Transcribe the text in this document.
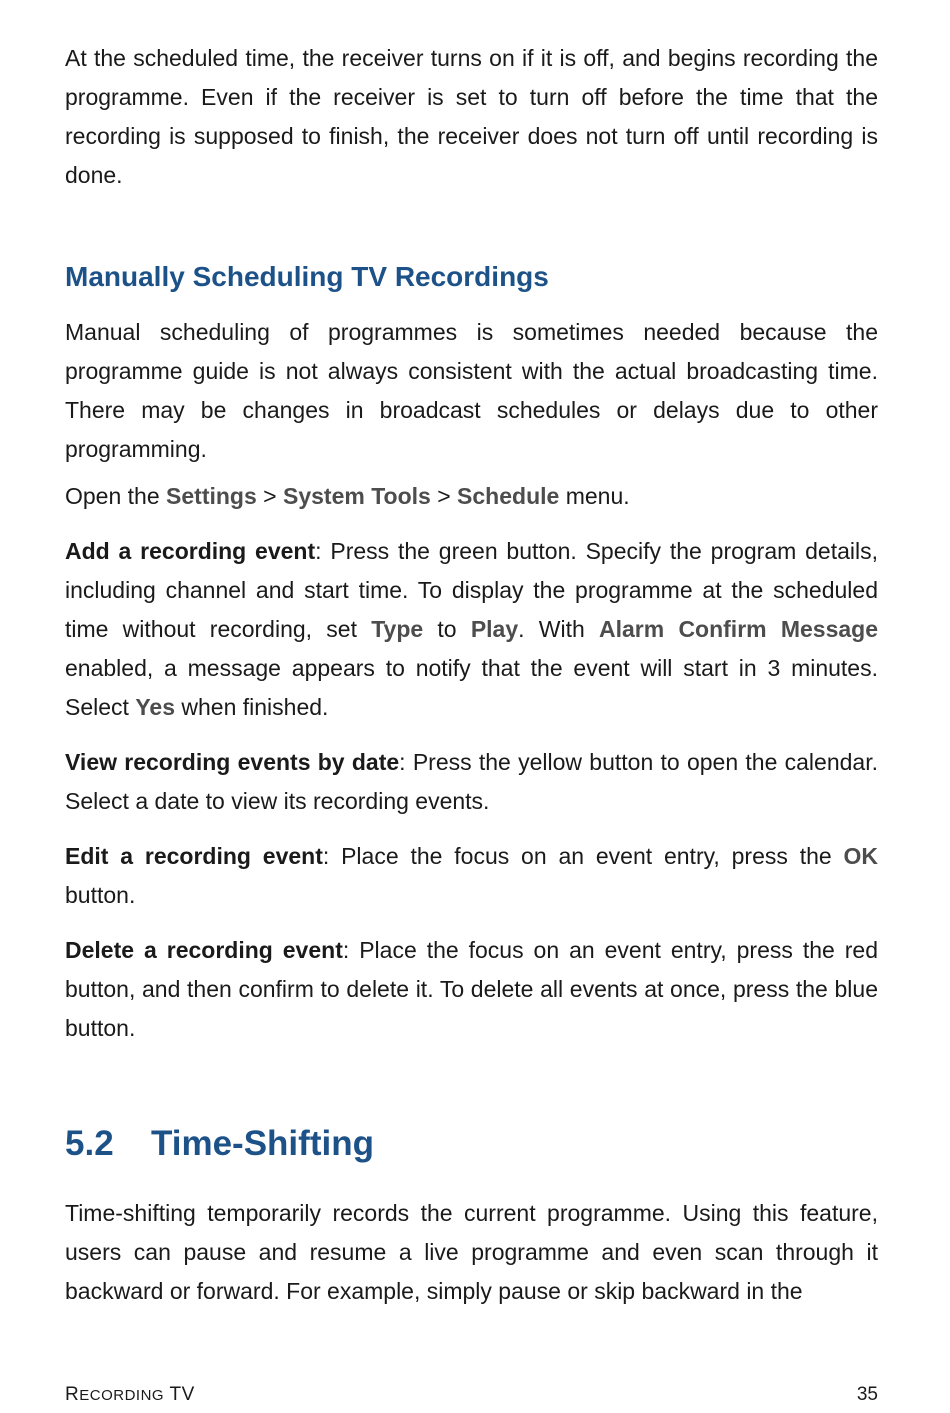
At the scheduled time, the receiver turns on if it is off, and begins recording the programme. Even if the receiver is set to turn off before the time that the recording is supposed to finish, the receiver does not turn off until recording is done.

Manually Scheduling TV Recordings

Manual scheduling of programmes is sometimes needed because the programme guide is not always consistent with the actual broadcasting time. There may be changes in broadcast schedules or delays due to other programming.

Open the Settings > System Tools > Schedule menu.

Add a recording event: Press the green button. Specify the program details, including channel and start time. To display the programme at the scheduled time without recording, set Type to Play. With Alarm Confirm Message enabled, a message appears to notify that the event will start in 3 minutes. Select Yes when finished.

View recording events by date: Press the yellow button to open the calendar. Select a date to view its recording events.

Edit a recording event: Place the focus on an event entry, press the OK button.

Delete a recording event: Place the focus on an event entry, press the red button, and then confirm to delete it. To delete all events at once, press the blue button.

5.2 Time-Shifting

Time-shifting temporarily records the current programme. Using this feature, users can pause and resume a live programme and even scan through it backward or forward. For example, simply pause or skip backward in the

RECORDING TV	35
